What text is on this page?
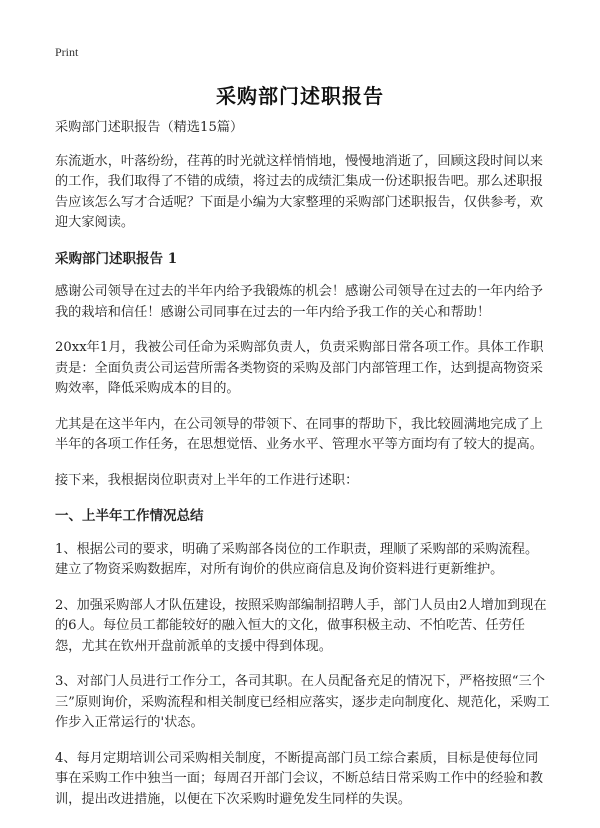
Print
采购部门述职报告

采购部门述职报告（精选15篇）

东流逝水，叶落纷纷，荏苒的时光就这样悄悄地，慢慢地消逝了，回顾这段时间以来的工作，我们取得了不错的成绩，将过去的成绩汇集成一份述职报告吧。那么述职报告应该怎么写才合适呢？下面是小编为大家整理的采购部门述职报告，仅供参考，欢迎大家阅读。

采购部门述职报告 1

感谢公司领导在过去的半年内给予我锻炼的机会！感谢公司领导在过去的一年内给予我的栽培和信任！感谢公司同事在过去的一年内给予我工作的关心和帮助！

20xx年1月，我被公司任命为采购部负责人，负责采购部日常各项工作。具体工作职责是：全面负责公司运营所需各类物资的采购及部门内部管理工作，达到提高物资采购效率，降低采购成本的目的。

尤其是在这半年内，在公司领导的带领下、在同事的帮助下，我比较圆满地完成了上半年的各项工作任务，在思想觉悟、业务水平、管理水平等方面均有了较大的提高。

接下来，我根据岗位职责对上半年的工作进行述职：

一、上半年工作情况总结

1、根据公司的要求，明确了采购部各岗位的工作职责，理顺了采购部的采购流程。建立了物资采购数据库，对所有询价的供应商信息及询价资料进行更新维护。

2、加强采购部人才队伍建设，按照采购部编制招聘人手，部门人员由2人增加到现在的6人。每位员工都能较好的融入恒大的文化，做事积极主动、不怕吃苦、任劳任怨，尤其在钦州开盘前派单的支援中得到体现。

3、对部门人员进行工作分工，各司其职。在人员配备充足的情况下，严格按照“三个三”原则询价，采购流程和相关制度已经相应落实，逐步走向制度化、规范化，采购工作步入正常运行的'状态。

4、每月定期培训公司采购相关制度，不断提高部门员工综合素质，目标是使每位同事在采购工作中独当一面；每周召开部门会议，不断总结日常采购工作中的经验和教训，提出改进措施，以便在下次采购时避免发生同样的失误。
